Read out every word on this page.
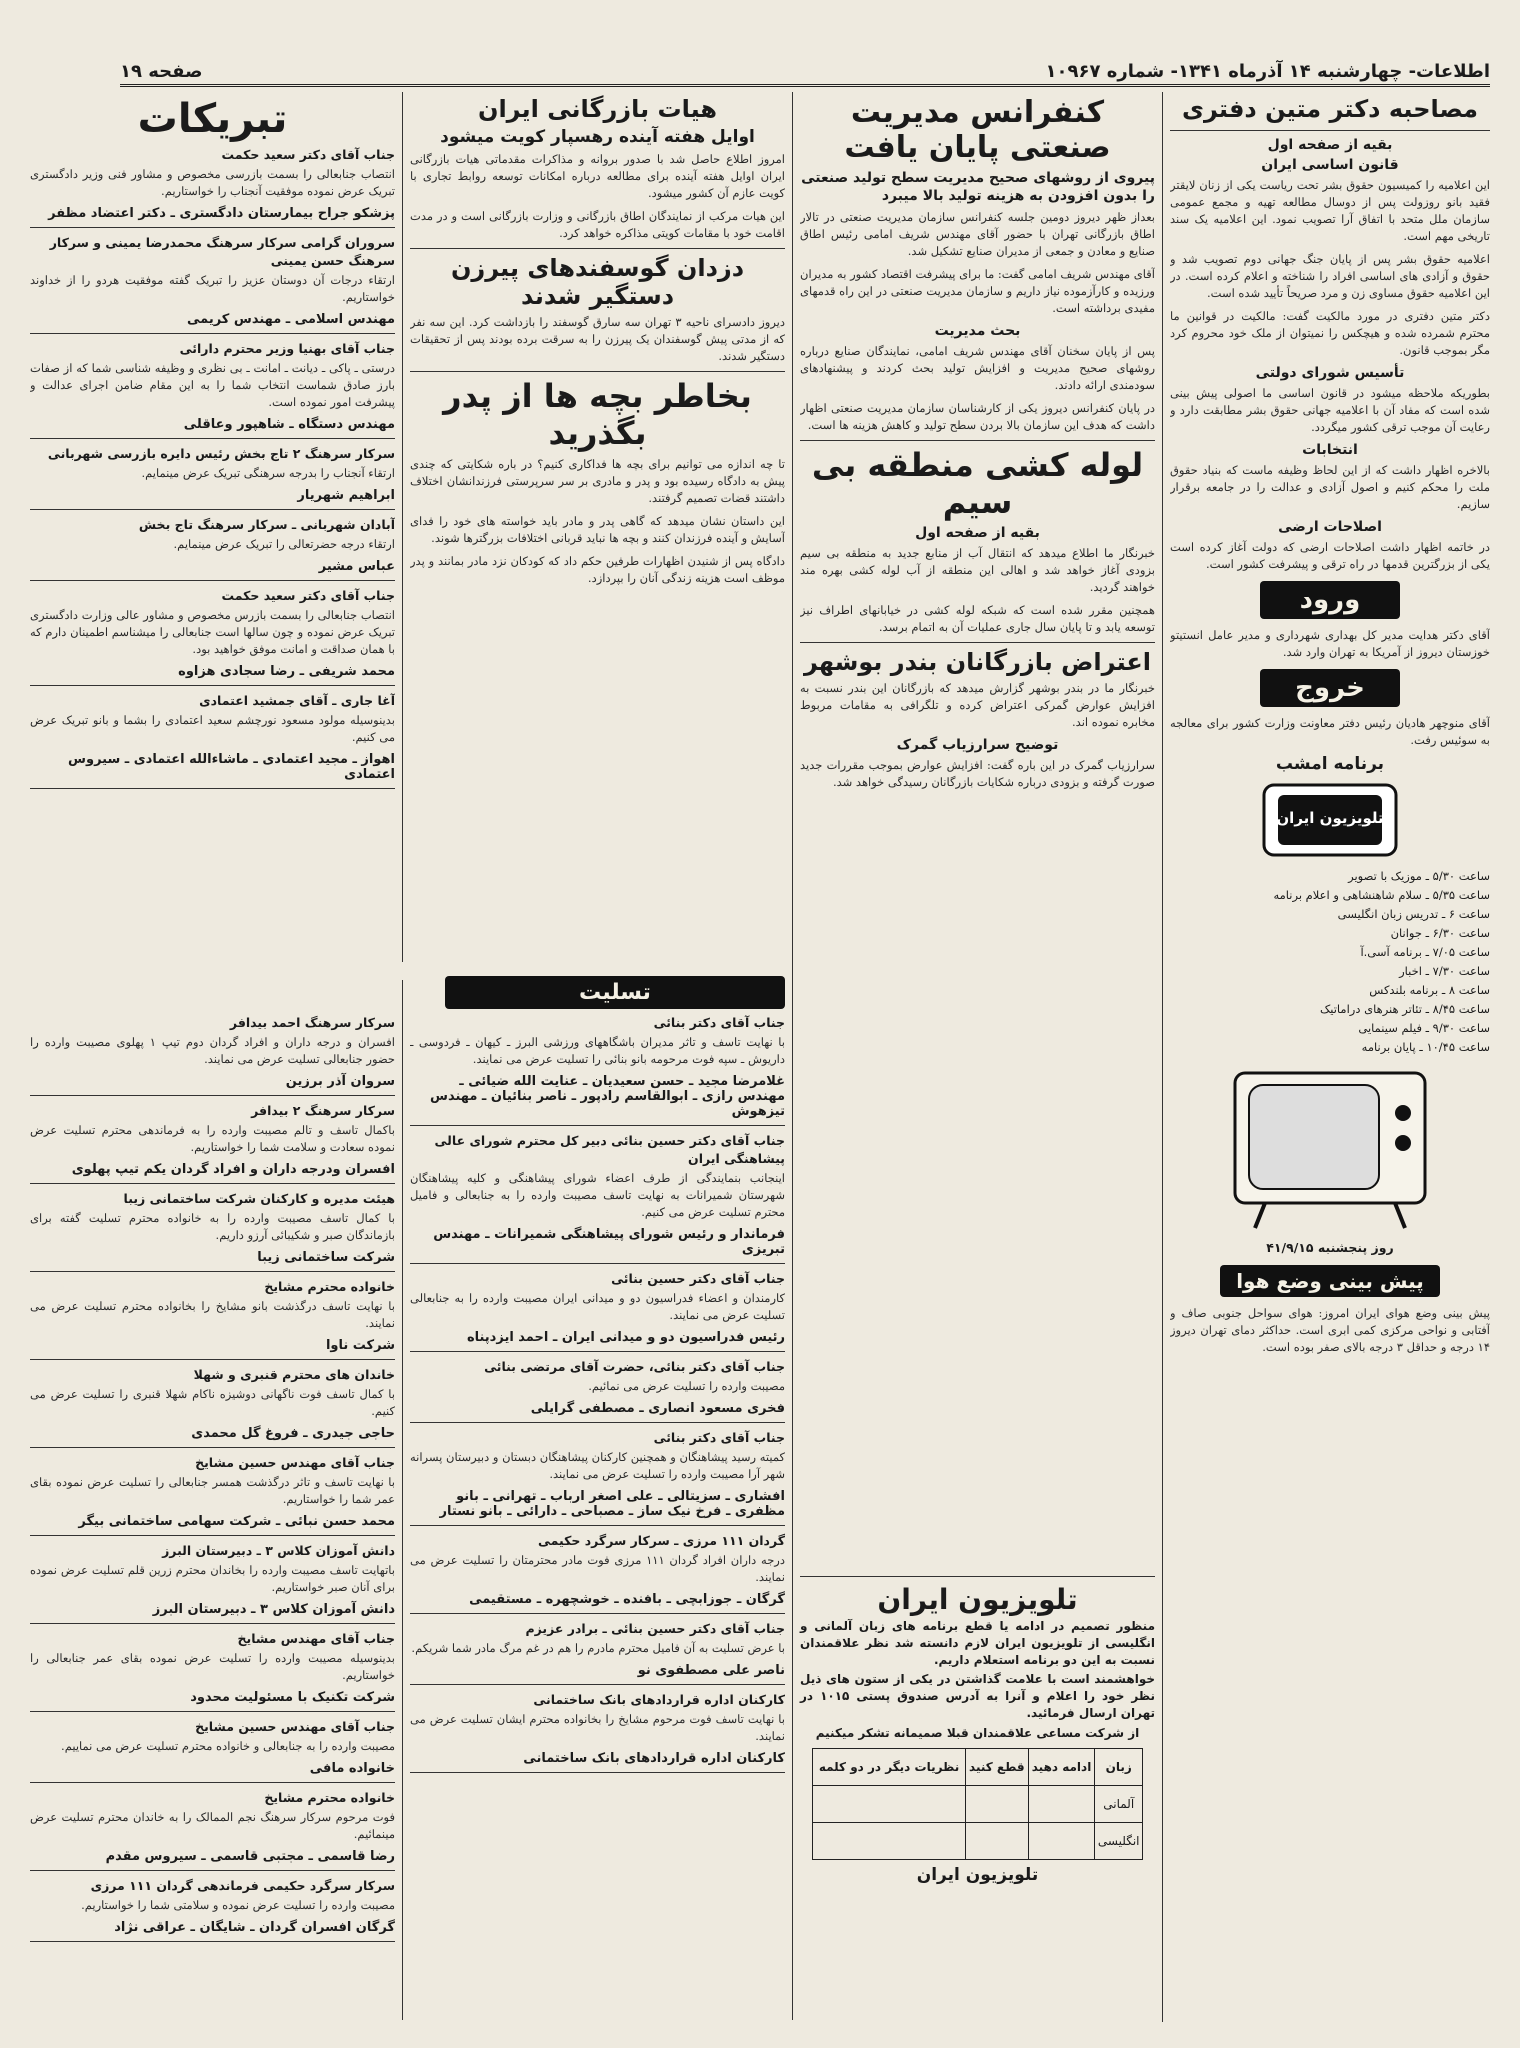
اطلاعات- چهارشنبه ۱۴ آذرماه ۱۳۴۱- شماره ۱۰۹۶۷
صفحه ۱۹
مصاحبه دکتر متین دفتری
بقیه از صفحه اول
قانون اساسی ایران

این اعلامیه را کمیسیون حقوق بشر تحت ریاست یکی از زنان لایقتر فقید بانو روزولت پس از دوسال مطالعه تهیه و مجمع عمومی سازمان ملل متحد با اتفاق آرا تصویب نمود. این اعلامیه یک سند تاریخی مهم است.

اعلامیه حقوق بشر پس از پایان جنگ جهانی دوم تصویب شد و حقوق و آزادی های اساسی افراد را شناخته و اعلام کرده است. در این اعلامیه حقوق مساوی زن و مرد صریحاً تأیید شده است.

دکتر متین دفتری در مورد مالکیت گفت: مالکیت در قوانین ما محترم شمرده شده و هیچکس را نمیتوان از ملک خود محروم کرد مگر بموجب قانون.

تأسیس شورای دولتی

بطوریکه ملاحظه میشود در قانون اساسی ما اصولی پیش بینی شده است که مفاد آن با اعلامیه جهانی حقوق بشر مطابقت دارد و رعایت آن موجب ترقی کشور میگردد.

انتخابات

بالاخره اظهار داشت که از این لحاظ وظیفه ماست که بنیاد حقوق ملت را محکم کنیم و اصول آزادی و عدالت را در جامعه برقرار سازیم.

اصلاحات ارضی

در خاتمه اظهار داشت اصلاحات ارضی که دولت آغاز کرده است یکی از بزرگترین قدمها در راه ترقی و پیشرفت کشور است.

ورود

آقای دکتر هدایت مدیر کل بهداری شهرداری و مدیر عامل انستیتو خوزستان دیروز از آمریکا به تهران وارد شد.

خروج

آقای منوچهر هادیان رئیس دفتر معاونت وزارت کشور برای معالجه به سوئیس رفت.

برنامه امشب
تلویزیون ایران
ساعت ۵/۳۰ ـ موزیک با تصویر
ساعت ۵/۳۵ ـ سلام شاهنشاهی و اعلام برنامه
ساعت ۶ ـ تدریس زبان انگلیسی
ساعت ۶/۳۰ ـ جوانان
ساعت ۷/۰۵ ـ برنامه آسی.آ
ساعت ۷/۳۰ ـ اخبار
ساعت ۸ ـ برنامه بلندکس
ساعت ۸/۴۵ ـ تئاتر هنرهای دراماتیک
ساعت ۹/۳۰ ـ فیلم سینمایی
ساعت ۱۰/۴۵ ـ پایان برنامه
روز پنجشنبه ۴۱/۹/۱۵
پیش بینی وضع هوا

پیش بینی وضع هوای ایران امروز: هوای سواحل جنوبی صاف و آفتابی و نواحی مرکزی کمی ابری است. حداکثر دمای تهران دیروز ۱۴ درجه و حداقل ۳ درجه بالای صفر بوده است.

کنفرانس مدیریت صنعتی پایان یافت
پیروی از روشهای صحیح مدیریت سطح تولید صنعتی را بدون افزودن به هزینه تولید بالا میبرد

بعداز ظهر دیروز دومین جلسه کنفرانس سازمان مدیریت صنعتی در تالار اطاق بازرگانی تهران با حضور آقای مهندس شریف امامی رئیس اطاق صنایع و معادن و جمعی از مدیران صنایع تشکیل شد.

آقای مهندس شریف امامی گفت: ما برای پیشرفت اقتصاد کشور به مدیران ورزیده و کارآزموده نیاز داریم و سازمان مدیریت صنعتی در این راه قدمهای مفیدی برداشته است.

بحث مدیریت

پس از پایان سخنان آقای مهندس شریف امامی، نمایندگان صنایع درباره روشهای صحیح مدیریت و افزایش تولید بحث کردند و پیشنهادهای سودمندی ارائه دادند.

در پایان کنفرانس دیروز یکی از کارشناسان سازمان مدیریت صنعتی اظهار داشت که هدف این سازمان بالا بردن سطح تولید و کاهش هزینه ها است.

لوله کشی منطقه بی سیم
بقیه از صفحه اول

خبرنگار ما اطلاع میدهد که انتقال آب از منابع جدید به منطقه بی سیم بزودی آغاز خواهد شد و اهالی این منطقه از آب لوله کشی بهره مند خواهند گردید.

همچنین مقرر شده است که شبکه لوله کشی در خیابانهای اطراف نیز توسعه یابد و تا پایان سال جاری عملیات آن به اتمام برسد.

اعتراض بازرگانان بندر بوشهر

خبرنگار ما در بندر بوشهر گزارش میدهد که بازرگانان این بندر نسبت به افزایش عوارض گمرکی اعتراض کرده و تلگرافی به مقامات مربوط مخابره نموده اند.

توضیح سرارزیاب گمرک

سرارزیاب گمرک در این باره گفت: افزایش عوارض بموجب مقررات جدید صورت گرفته و بزودی درباره شکایات بازرگانان رسیدگی خواهد شد.

تلویزیون ایران

منظور تصمیم در ادامه یا قطع برنامه های زبان آلمانی و انگلیسی از تلویزیون ایران لازم دانسته شد نظر علاقمندان نسبت به این دو برنامه استعلام داریم.

خواهشمند است با علامت گذاشتن در یکی از ستون های ذیل نظر خود را اعلام و آنرا به آدرس صندوق پستی ۱۰۱۵ در تهران ارسال فرمائید.

از شرکت مساعی علاقمندان قبلا صمیمانه تشکر میکنیم

زبان	ادامه دهید	قطع کنید	نظریات دیگر در دو کلمه
آلمانی			
انگلیسی			
تلویزیون ایران
هیات بازرگانی ایران
اوایل هفته آینده رهسپار کویت میشود

امروز اطلاع حاصل شد با صدور بروانه و مذاکرات مقدماتی هیات بازرگانی ایران اوایل هفته آینده برای مطالعه درباره امکانات توسعه روابط تجاری با کویت عازم آن کشور میشود.

این هیات مرکب از نمایندگان اطاق بازرگانی و وزارت بازرگانی است و در مدت اقامت خود با مقامات کویتی مذاکره خواهد کرد.

دزدان گوسفندهای پیرزن دستگیر شدند

دیروز دادسرای ناحیه ۳ تهران سه سارق گوسفند را بازداشت کرد. این سه نفر که از مدتی پیش گوسفندان یک پیرزن را به سرقت برده بودند پس از تحقیقات دستگیر شدند.

بخاطر بچه ها از پدر بگذرید

تا چه اندازه می توانیم برای بچه ها فداکاری کنیم؟ در باره شکایتی که چندی پیش به دادگاه رسیده بود و پدر و مادری بر سر سرپرستی فرزندانشان اختلاف داشتند قضات تصمیم گرفتند.

این داستان نشان میدهد که گاهی پدر و مادر باید خواسته های خود را فدای آسایش و آینده فرزندان کنند و بچه ها نباید قربانی اختلافات بزرگترها شوند.

دادگاه پس از شنیدن اظهارات طرفین حکم داد که کودکان نزد مادر بمانند و پدر موظف است هزینه زندگی آنان را بپردازد.

تبریکات
جناب آقای دکتر سعید حکمت

انتصاب جنابعالی را بسمت بازرسی مخصوص و مشاور فنی وزیر دادگستری تبریک عرض نموده موفقیت آنجناب را خواستاریم.

پزشکو جراح بیمارستان دادگستری ـ دکتر اعتضاد مظفر
سروران گرامی سرکار سرهنگ محمدرضا یمینی و سرکار سرهنگ حسن یمینی

ارتقاء درجات آن دوستان عزیز را تبریک گفته موفقیت هردو را از خداوند خواستاریم.

مهندس اسلامی ـ مهندس کریمی
جناب آقای بهنیا وزیر محترم دارائی

درستی ـ پاکی ـ دیانت ـ امانت ـ بی نظری و وظیفه شناسی شما که از صفات بارز صادق شماست انتخاب شما را به این مقام ضامن اجرای عدالت و پیشرفت امور نموده است.

مهندس دستگاه ـ شاهپور وعاقلی
سرکار سرهنگ ۲ تاج بخش رئیس دایره بازرسی شهربانی

ارتقاء آنجناب را بدرجه سرهنگی تبریک عرض مینمایم.

ابراهیم شهریار
آبادان شهربانی ـ سرکار سرهنگ تاج بخش

ارتقاء درجه حضرتعالی را تبریک عرض مینمایم.

عباس مشیر
جناب آقای دکتر سعید حکمت

انتصاب جنابعالی را بسمت بازرس مخصوص و مشاور عالی وزارت دادگستری تبریک عرض نموده و چون سالها است جنابعالی را میشناسم اطمینان دارم که با همان صداقت و امانت موفق خواهید بود.

محمد شریفی ـ رضا سجادی هزاوه
آغا جاری ـ آقای جمشید اعتمادی

بدینوسیله مولود مسعود نورچشم سعید اعتمادی را بشما و بانو تبریک عرض می کنیم.

اهواز ـ مجید اعتمادی ـ ماشاءالله اعتمادی ـ سیروس اعتمادی
تسلیت
جناب آقای دکتر بنائی

با نهایت تاسف و تاثر مدیران باشگاههای ورزشی البرز ـ کیهان ـ فردوسی ـ داریوش ـ سپه فوت مرحومه بانو بنائی را تسلیت عرض می نمایند.

غلامرضا مجید ـ حسن سعیدیان ـ عنایت الله ضیائی ـ مهندس رازی ـ ابوالقاسم رادپور ـ ناصر بنائیان ـ مهندس تیزهوش
جناب آقای دکتر حسین بنائی دبیر کل محترم شورای عالی پیشاهنگی ایران

اینجانب بنمایندگی از طرف اعضاء شورای پیشاهنگی و کلیه پیشاهنگان شهرستان شمیرانات به نهایت تاسف مصیبت وارده را به جنابعالی و فامیل محترم تسلیت عرض می کنیم.

فرماندار و رئیس شورای پیشاهنگی شمیرانات ـ مهندس تبریزی
جناب آقای دکتر حسین بنائی

کارمندان و اعضاء فدراسیون دو و میدانی ایران مصیبت وارده را به جنابعالی تسلیت عرض می نمایند.

رئیس فدراسیون دو و میدانی ایران ـ احمد ایزدپناه
جناب آقای دکتر بنائی، حضرت آقای مرتضی بنائی

مصیبت وارده را تسلیت عرض می نمائیم.

فخری مسعود انصاری ـ مصطفی گرایلی
جناب آقای دکتر بنائی

کمیته رسید پیشاهنگان و همچنین کارکنان پیشاهنگان دبستان و دبیرستان پسرانه شهر آرا مصیبت وارده را تسلیت عرض می نمایند.

افشاری ـ سزیتالی ـ علی اصغر ارباب ـ تهرانی ـ بانو مظفری ـ فرخ نیک ساز ـ مصباحی ـ دارائی ـ بانو نستار
گردان ۱۱۱ مرزی ـ سرکار سرگرد حکیمی

درجه داران افراد گردان ۱۱۱ مرزی فوت مادر محترمتان را تسلیت عرض می نمایند.

گرگان ـ جوزابچی ـ بافنده ـ خوشچهره ـ مستقیمی
جناب آقای دکتر حسین بنائی ـ برادر عزیزم

با عرض تسلیت به آن فامیل محترم مادرم را هم در غم مرگ مادر شما شریکم.

ناصر علی مصطفوی نو
کارکنان اداره قراردادهای بانک ساختمانی

با نهایت تاسف فوت مرحوم مشایخ را بخانواده محترم ایشان تسلیت عرض می نمایند.

کارکنان اداره قراردادهای بانک ساختمانی
سرکار سرهنگ احمد بیدافر

افسران و درجه داران و افراد گردان دوم تیپ ۱ پهلوی مصیبت وارده را حضور جنابعالی تسلیت عرض می نمایند.

سروان آذر برزین
سرکار سرهنگ ۲ بیدافر

باکمال تاسف و تالم مصیبت وارده را به فرماندهی محترم تسلیت عرض نموده سعادت و سلامت شما را خواستاریم.

افسران ودرجه داران و افراد گردان یکم تیپ پهلوی
هیئت مدیره و کارکنان شرکت ساختمانی زیبا

با کمال تاسف مصیبت وارده را به خانواده محترم تسلیت گفته برای بازماندگان صبر و شکیبائی آرزو داریم.

شرکت ساختمانی زیبا
خانواده محترم مشایخ

با نهایت تاسف درگذشت بانو مشایخ را بخانواده محترم تسلیت عرض می نمایند.

شرکت ناوا
خاندان های محترم قنبری و شهلا

با کمال تاسف فوت ناگهانی دوشیزه ناکام شهلا قنبری را تسلیت عرض می کنیم.

حاجی جیدری ـ فروغ گل محمدی
جناب آقای مهندس حسین مشایخ

با نهایت تاسف و تاثر درگذشت همسر جنابعالی را تسلیت عرض نموده بقای عمر شما را خواستاریم.

محمد حسن نبائی ـ شرکت سهامی ساختمانی بیگر
دانش آموزان کلاس ۳ ـ دبیرستان البرز

باتهایت تاسف مصیبت وارده را بخاندان محترم زرین قلم تسلیت عرض نموده برای آنان صبر خواستاریم.

دانش آموزان کلاس ۳ ـ دبیرستان البرز
جناب آقای مهندس مشایخ

بدینوسیله مصیبت وارده را تسلیت عرض نموده بقای عمر جنابعالی را خواستاریم.

شرکت تکنیک با مسئولیت محدود
جناب آقای مهندس حسین مشایخ

مصیبت وارده را به جنابعالی و خانواده محترم تسلیت عرض می نماییم.

خانواده مافی
خانواده محترم مشایخ

فوت مرحوم سرکار سرهنگ نجم الممالک را به خاندان محترم تسلیت عرض مینمائیم.

رضا قاسمی ـ مجتبی قاسمی ـ سیروس مقدم
سرکار سرگرد حکیمی فرماندهی گردان ۱۱۱ مرزی

مصیبت وارده را تسلیت عرض نموده و سلامتی شما را خواستاریم.

گرگان افسران گردان ـ شایگان ـ عراقی نژاد
